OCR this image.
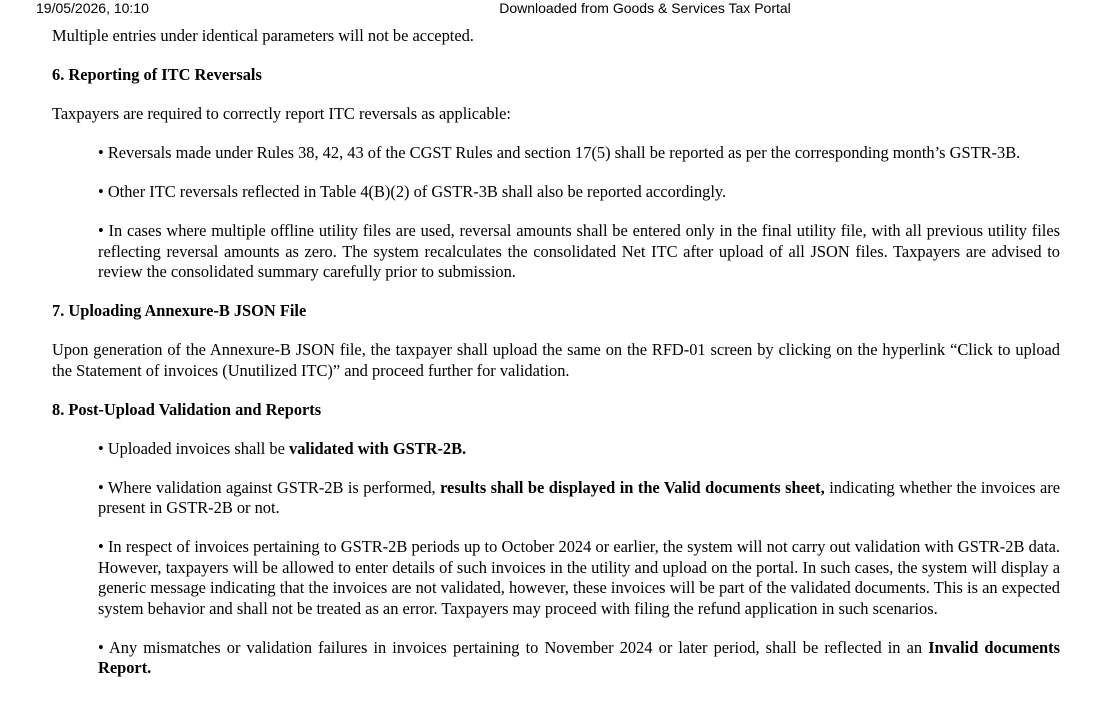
19/05/2026, 10:10	Downloaded from Goods & Services Tax Portal

Multiple entries under identical parameters will not be accepted.

6. Reporting of ITC Reversals

Taxpayers are required to correctly report ITC reversals as applicable:

• Reversals made under Rules 38, 42, 43 of the CGST Rules and section 17(5) shall be reported as per the corresponding month’s GSTR-3B.

• Other ITC reversals reflected in Table 4(B)(2) of GSTR-3B shall also be reported accordingly.

• In cases where multiple offline utility files are used, reversal amounts shall be entered only in the final utility file, with all previous utility files reflecting reversal amounts as zero. The system recalculates the consolidated Net ITC after upload of all JSON files. Taxpayers are advised to review the consolidated summary carefully prior to submission.

7. Uploading Annexure-B JSON File

Upon generation of the Annexure-B JSON file, the taxpayer shall upload the same on the RFD-01 screen by clicking on the hyperlink “Click to upload the Statement of invoices (Unutilized ITC)” and proceed further for validation.

8. Post-Upload Validation and Reports

• Uploaded invoices shall be validated with GSTR-2B.

• Where validation against GSTR-2B is performed, results shall be displayed in the Valid documents sheet, indicating whether the invoices are present in GSTR-2B or not.

• In respect of invoices pertaining to GSTR-2B periods up to October 2024 or earlier, the system will not carry out validation with GSTR-2B data. However, taxpayers will be allowed to enter details of such invoices in the utility and upload on the portal. In such cases, the system will display a generic message indicating that the invoices are not validated, however, these invoices will be part of the validated documents. This is an expected system behavior and shall not be treated as an error. Taxpayers may proceed with filing the refund application in such scenarios.

• Any mismatches or validation failures in invoices pertaining to November 2024 or later period, shall be reflected in an Invalid documents Report.
